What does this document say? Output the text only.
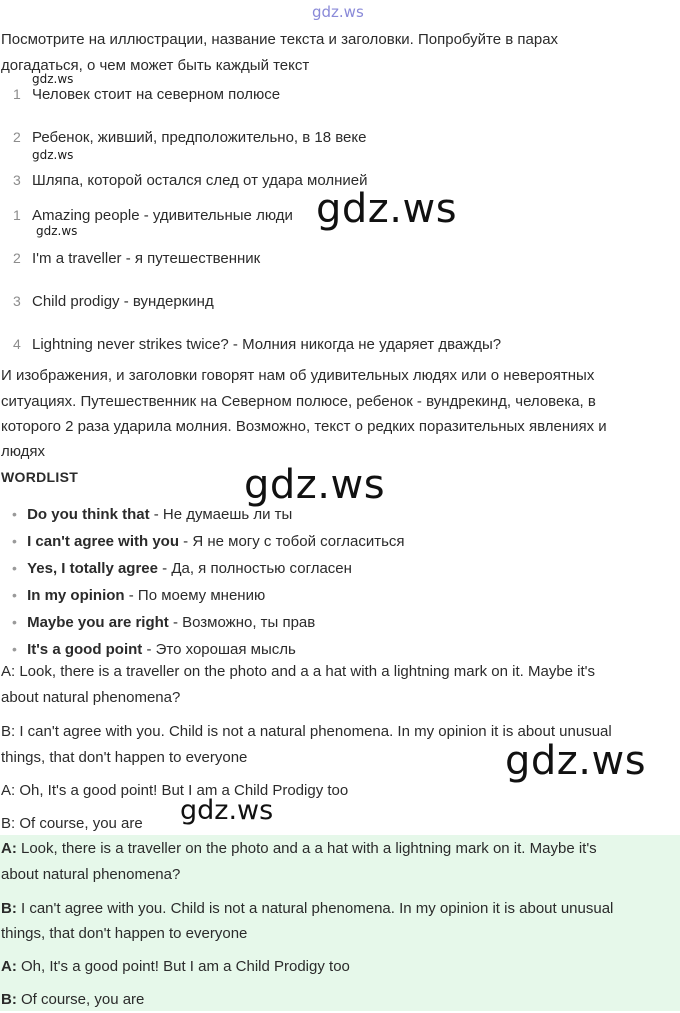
gdz.ws
Посмотрите на иллюстрации, название текста и заголовки. Попробуйте в парах
догадаться, о чем может быть каждый текст
gdz.ws
1 Человек стоит на северном полюсе
2 Ребенок, живший, предположительно, в 18 веке
gdz.ws
3 Шляпа, которой остался след от удара молнией
1 Amazing people - удивительные люди
gdz.ws
2 I'm a traveller - я путешественник
3 Child prodigy - вундеркинд
4 Lightning never strikes twice? - Молния никогда не ударяет дважды?
gdz.ws
И изображения, и заголовки говорят нам об удивительных людях или о невероятных
ситуациях. Путешественник на Северном полюсе, ребенок - вундрекинд, человека, в
которого 2 раза ударила молния. Возможно, текст о редких поразительных явлениях и
людях
WORDLIST	gdz.ws
• Do you think that - Не думаешь ли ты
• I can't agree with you - Я не могу с тобой согласиться
• Yes, I totally agree - Да, я полностью согласен
• In my opinion - По моему мнению
• Maybe you are right - Возможно, ты прав
• It's a good point - Это хорошая мысль
A: Look, there is a traveller on the photo and a a hat with a lightning mark on it. Maybe it's
about natural phenomena?
B: I can't agree with you. Child is not a natural phenomena. In my opinion it is about unusual
things, that don't happen to everyone
A: Oh, It's a good point! But I am a Child Prodigy too
B: Of course, you are
gdz.ws
gdz.ws
A: Look, there is a traveller on the photo and a a hat with a lightning mark on it. Maybe it's
about natural phenomena?
B: I can't agree with you. Child is not a natural phenomena. In my opinion it is about unusual
things, that don't happen to everyone
A: Oh, It's a good point! But I am a Child Prodigy too
B: Of course, you are
